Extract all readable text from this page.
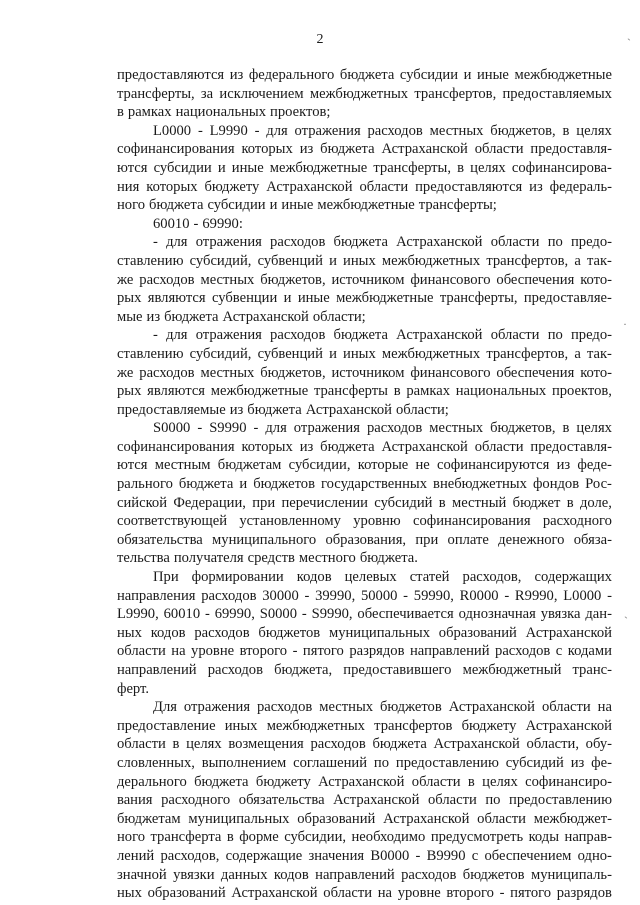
2
предоставляются из федерального бюджета субсидии и иные межбюджетные
трансферты, за исключением межбюджетных трансфертов, предоставляемых
в рамках национальных проектов;
L0000 - L9990 - для отражения расходов местных бюджетов, в целях
софинансирования которых из бюджета Астраханской области предоставля-
ются субсидии и иные межбюджетные трансферты, в целях софинансирова-
ния которых бюджету Астраханской области предоставляются из федераль-
ного бюджета субсидии и иные межбюджетные трансферты;
60010 - 69990:
- для отражения расходов бюджета Астраханской области по предо-
ставлению субсидий, субвенций и иных межбюджетных трансфертов, а так-
же расходов местных бюджетов, источником финансового обеспечения кото-
рых являются субвенции и иные межбюджетные трансферты, предоставляе-
мые из бюджета Астраханской области;
- для отражения расходов бюджета Астраханской области по предо-
ставлению субсидий, субвенций и иных межбюджетных трансфертов, а так-
же расходов местных бюджетов, источником финансового обеспечения кото-
рых являются межбюджетные трансферты в рамках национальных проектов,
предоставляемые из бюджета Астраханской области;
S0000 - S9990 - для отражения расходов местных бюджетов, в целях
софинансирования которых из бюджета Астраханской области предоставля-
ются местным бюджетам субсидии, которые не софинансируются из феде-
рального бюджета и бюджетов государственных внебюджетных фондов Рос-
сийской Федерации, при перечислении субсидий в местный бюджет в доле,
соответствующей установленному уровню софинансирования расходного
обязательства муниципального образования, при оплате денежного обяза-
тельства получателя средств местного бюджета.
При формировании кодов целевых статей расходов, содержащих
направления расходов 30000 - 39990, 50000 - 59990, R0000 - R9990, L0000 -
L9990, 60010 - 69990, S0000 - S9990, обеспечивается однозначная увязка дан-
ных кодов расходов бюджетов муниципальных образований Астраханской
области на уровне второго - пятого разрядов направлений расходов с кодами
направлений расходов бюджета, предоставившего межбюджетный транс-
ферт.
Для отражения расходов местных бюджетов Астраханской области на
предоставление иных межбюджетных трансфертов бюджету Астраханской
области в целях возмещения расходов бюджета Астраханской области, обу-
словленных, выполнением соглашений по предоставлению субсидий из фе-
дерального бюджета бюджету Астраханской области в целях софинансиро-
вания расходного обязательства Астраханской области по предоставлению
бюджетам муниципальных образований Астраханской области межбюджет-
ного трансферта в форме субсидии, необходимо предусмотреть коды направ-
лений расходов, содержащие значения В0000 - В9990 с обеспечением одно-
значной увязки данных кодов направлений расходов бюджетов муниципаль-
ных образований Астраханской области на уровне второго - пятого разрядов
ˎ
·
ˏ
